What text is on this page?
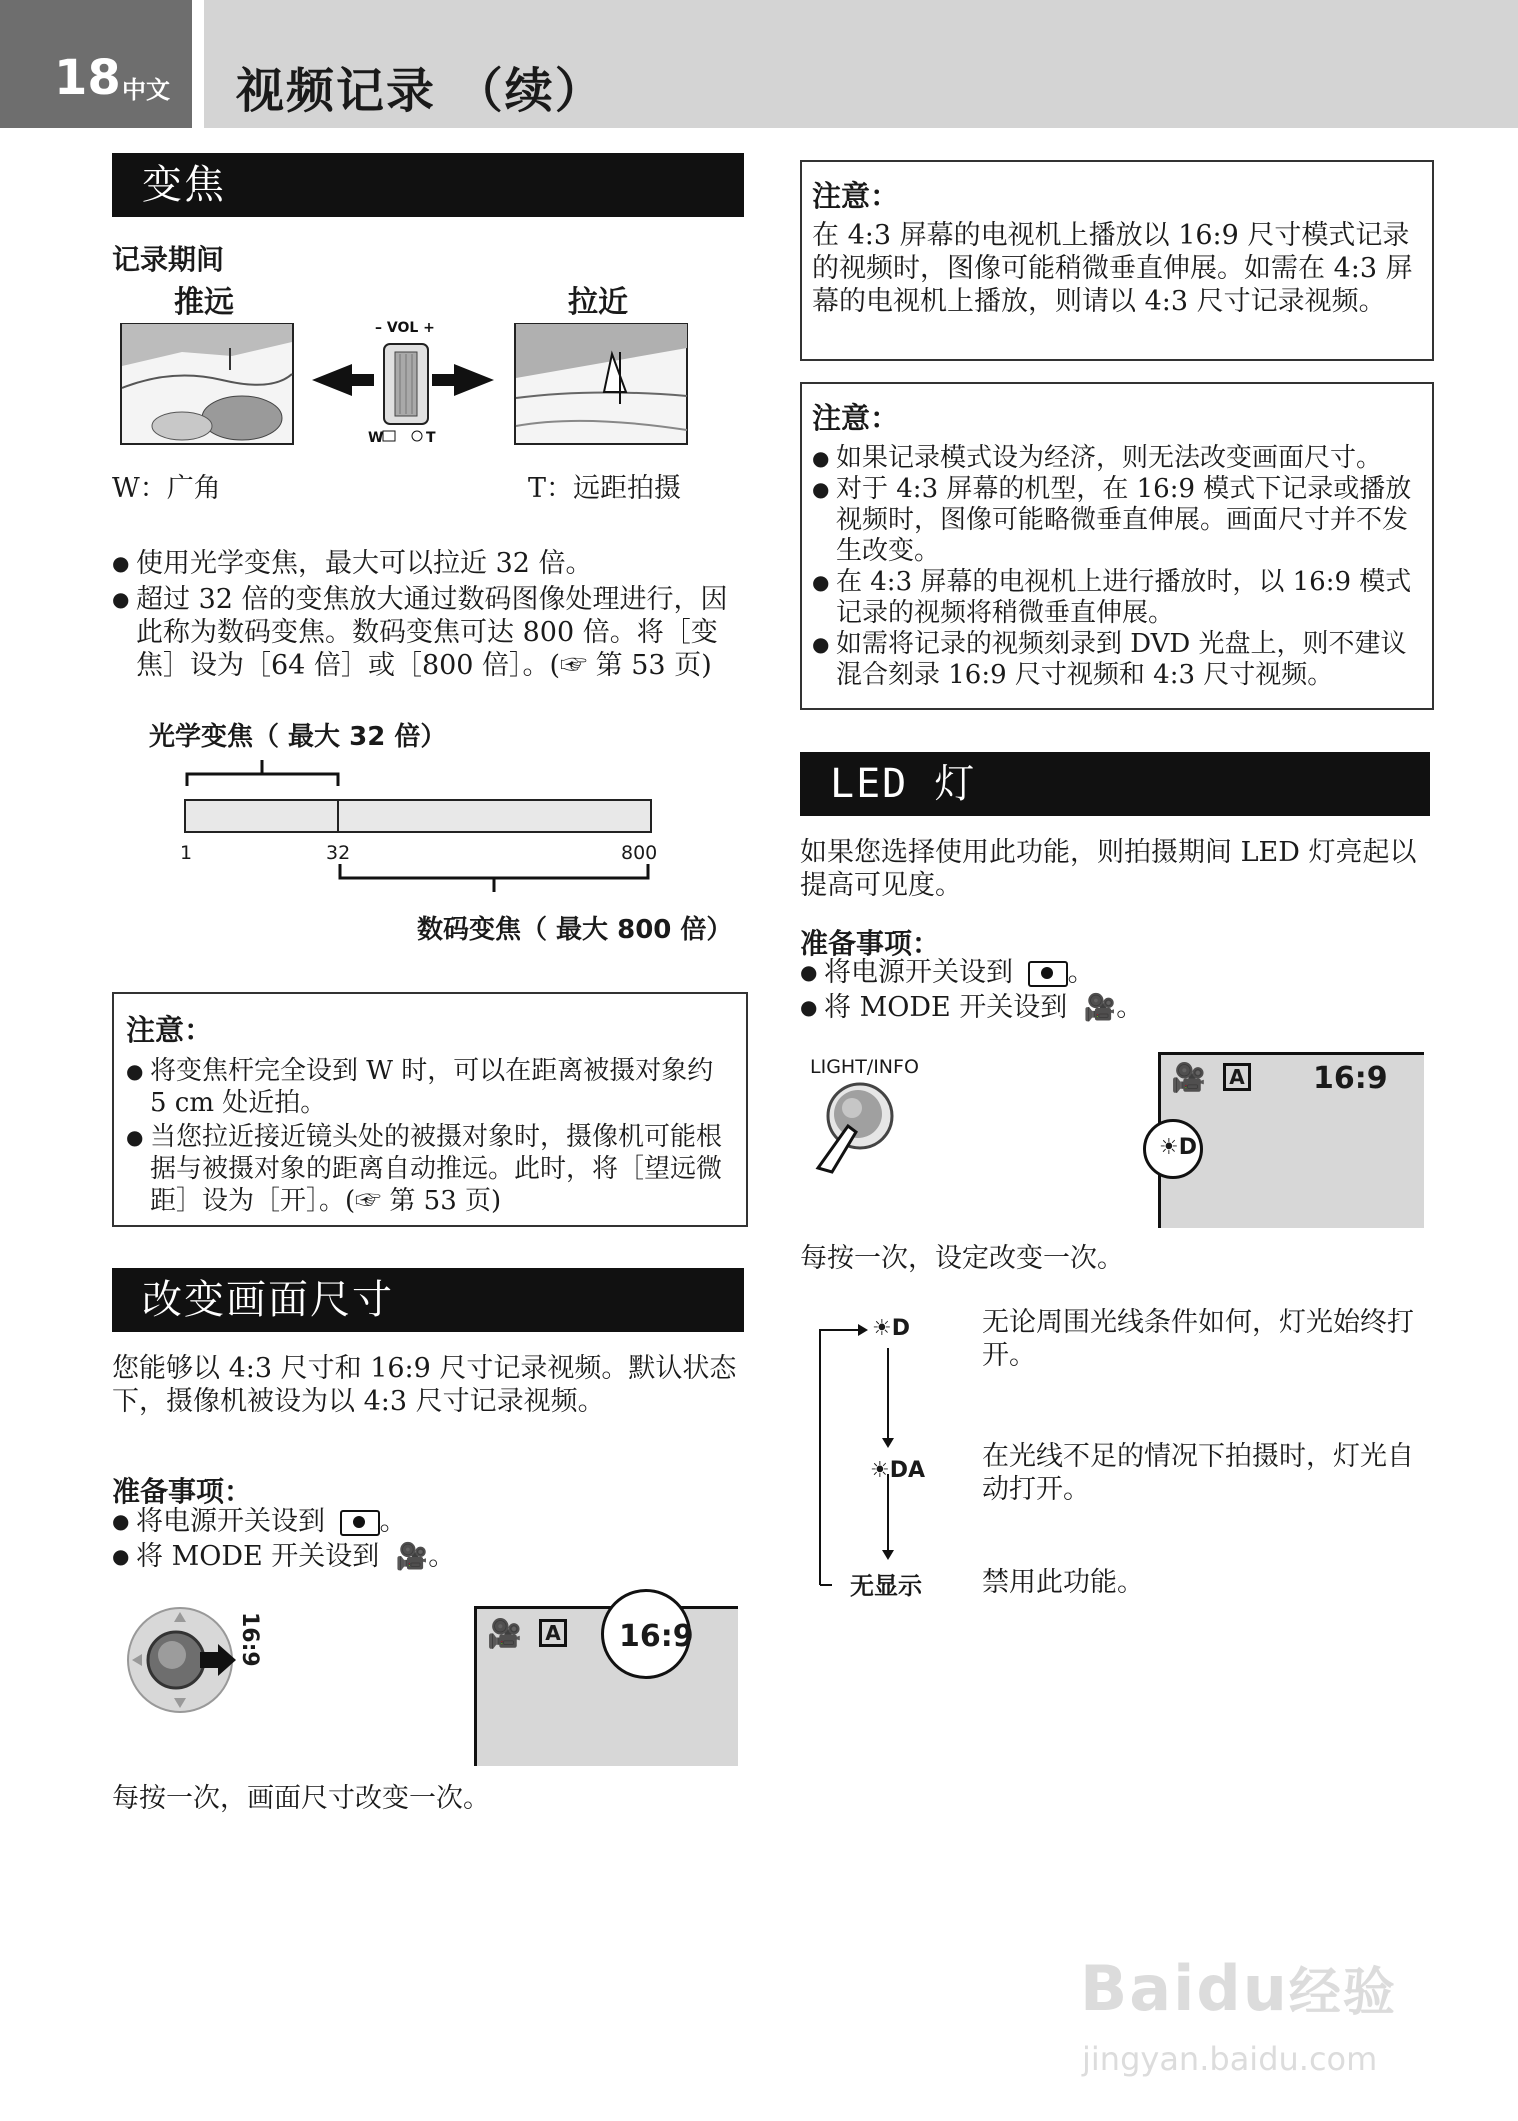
18 中文 视频记录 （续）
变焦
记录期间
推远	拉近
– VOL +
W	T
W：广角	T：远距拍摄
● 使用光学变焦，最大可以拉近 32 倍。
● 超过 32 倍的变焦放大通过数码图像处理进行，因此称为数码变焦。数码变焦可达 800 倍。将［变焦］设为［64 倍］或［800 倍］。(☞ 第 53 页)
光学变焦（ 最大 32 倍）
1	32	800
数码变焦（ 最大 800 倍）
注意：
● 将变焦杆完全设到 W 时，可以在距离被摄对象约 5 cm 处近拍。
● 当您拉近接近镜头处的被摄对象时，摄像机可能根据与被摄对象的距离自动推远。此时，将［望远微距］设为［开］。(☞ 第 53 页)
改变画面尺寸
您能够以 4:3 尺寸和 16:9 尺寸记录视频。默认状态下，摄像机被设为以 4:3 尺寸记录视频。
准备事项：
● 将电源开关设到 。
● 将 MODE 开关设到 🎥。
16:9	🎥	A 16:9
每按一次，画面尺寸改变一次。
注意：
在 4:3 屏幕的电视机上播放以 16:9 尺寸模式记录的视频时，图像可能稍微垂直伸展。如需在 4:3 屏幕的电视机上播放，则请以 4:3 尺寸记录视频。
注意：
● 如果记录模式设为经济，则无法改变画面尺寸。
● 对于 4:3 屏幕的机型，在 16:9 模式下记录或播放视频时，图像可能略微垂直伸展。画面尺寸并不发生改变。
● 在 4:3 屏幕的电视机上进行播放时，以 16:9 模式记录的视频将稍微垂直伸展。
● 如需将记录的视频刻录到 DVD 光盘上，则不建议混合刻录 16:9 尺寸视频和 4:3 尺寸视频。
LED 灯
如果您选择使用此功能，则拍摄期间 LED 灯亮起以提高可见度。
准备事项：
● 将电源开关设到 。
● 将 MODE 开关设到 🎥。
LIGHT/INFO	🎥	A 16:9
☀D
每按一次，设定改变一次。
☀D
☀DA
无显示
无论周围光线条件如何，灯光始终打开。
在光线不足的情况下拍摄时，灯光自动打开。
禁用此功能。
Baidu经验
jingyan.baidu.com
